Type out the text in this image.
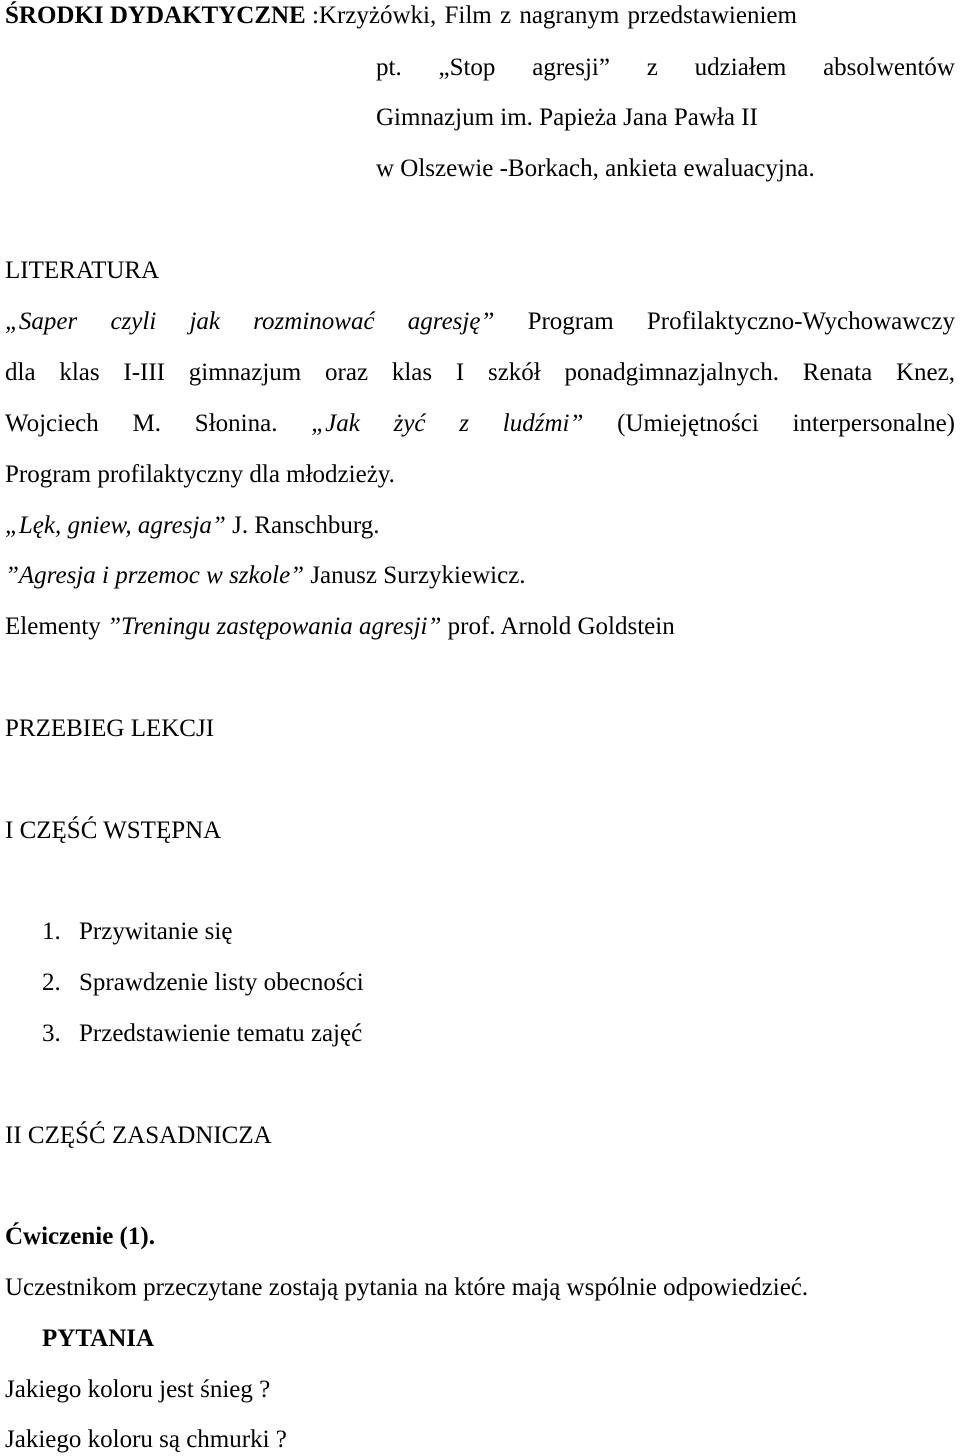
ŚRODKI DYDAKTYCZNE :Krzyżówki, Film z nagranym przedstawieniem
pt. „Stop agresji” z udziałem absolwentów
Gimnazjum im. Papieża Jana Pawła II
w Olszewie -Borkach, ankieta ewaluacyjna.
LITERATURA
„Saper czyli jak rozminować agresję” Program Profilaktyczno-Wychowawczy
dla klas I-III gimnazjum oraz klas I szkół ponadgimnazjalnych. Renata Knez,
Wojciech M. Słonina. „Jak żyć z ludźmi” (Umiejętności interpersonalne)
Program profilaktyczny dla młodzieży.
„Lęk, gniew, agresja” J. Ranschburg.
”Agresja i przemoc w szkole” Janusz Surzykiewicz.
Elementy ”Treningu zastępowania agresji” prof. Arnold Goldstein
PRZEBIEG LEKCJI
I CZĘŚĆ WSTĘPNA
1. Przywitanie się
2. Sprawdzenie listy obecności
3. Przedstawienie tematu zajęć
II CZĘŚĆ ZASADNICZA
Ćwiczenie (1).
Uczestnikom przeczytane zostają pytania na które mają wspólnie odpowiedzieć.
PYTANIA
Jakiego koloru jest śnieg ?
Jakiego koloru są chmurki ?
